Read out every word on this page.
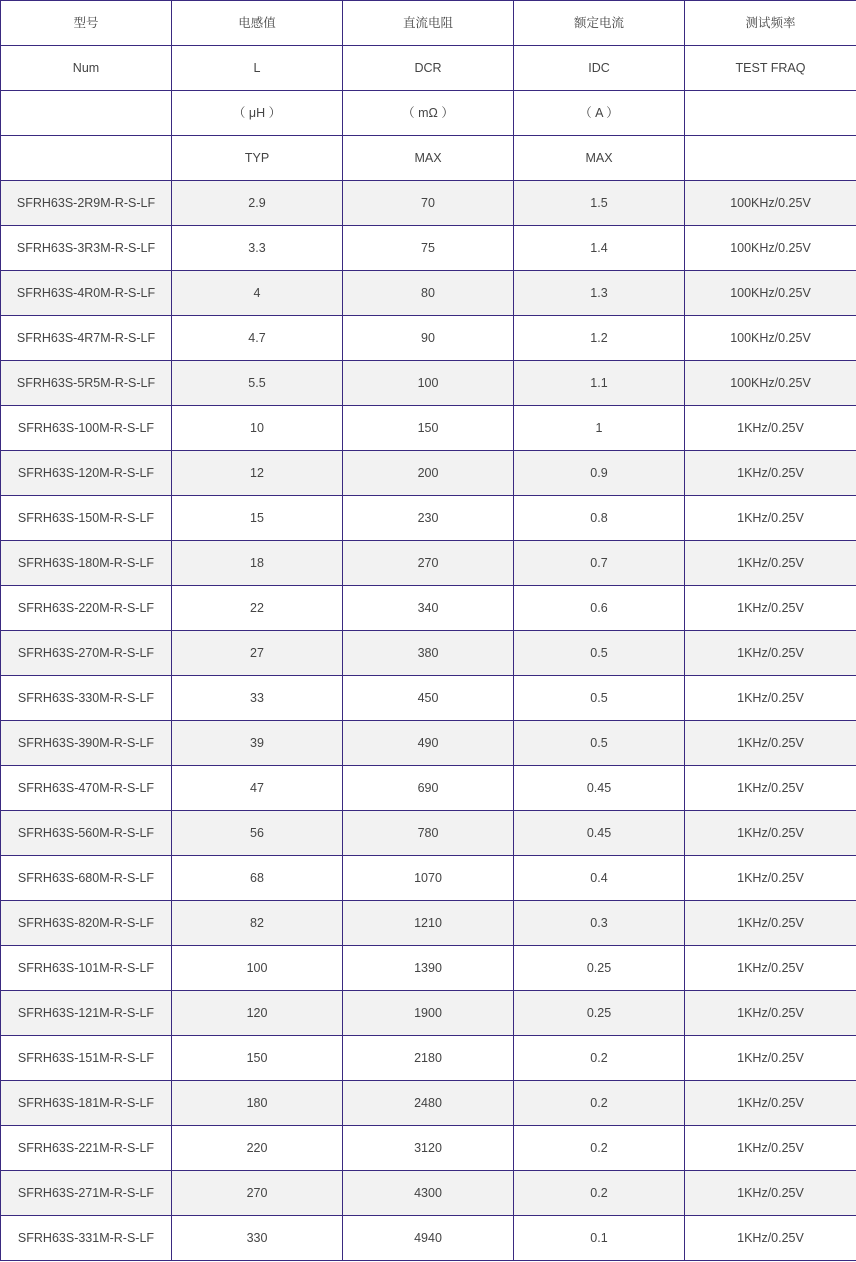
型号	电感值	直流电阻	额定电流	测试频率
Num	L	DCR	IDC	TEST FRAQ
	（ μH ）	（ mΩ ）	（ A ）	
	TYP	MAX	MAX	
SFRH63S-2R9M-R-S-LF	2.9	70	1.5	100KHz/0.25V
SFRH63S-3R3M-R-S-LF	3.3	75	1.4	100KHz/0.25V
SFRH63S-4R0M-R-S-LF	4	80	1.3	100KHz/0.25V
SFRH63S-4R7M-R-S-LF	4.7	90	1.2	100KHz/0.25V
SFRH63S-5R5M-R-S-LF	5.5	100	1.1	100KHz/0.25V
SFRH63S-100M-R-S-LF	10	150	1	1KHz/0.25V
SFRH63S-120M-R-S-LF	12	200	0.9	1KHz/0.25V
SFRH63S-150M-R-S-LF	15	230	0.8	1KHz/0.25V
SFRH63S-180M-R-S-LF	18	270	0.7	1KHz/0.25V
SFRH63S-220M-R-S-LF	22	340	0.6	1KHz/0.25V
SFRH63S-270M-R-S-LF	27	380	0.5	1KHz/0.25V
SFRH63S-330M-R-S-LF	33	450	0.5	1KHz/0.25V
SFRH63S-390M-R-S-LF	39	490	0.5	1KHz/0.25V
SFRH63S-470M-R-S-LF	47	690	0.45	1KHz/0.25V
SFRH63S-560M-R-S-LF	56	780	0.45	1KHz/0.25V
SFRH63S-680M-R-S-LF	68	1070	0.4	1KHz/0.25V
SFRH63S-820M-R-S-LF	82	1210	0.3	1KHz/0.25V
SFRH63S-101M-R-S-LF	100	1390	0.25	1KHz/0.25V
SFRH63S-121M-R-S-LF	120	1900	0.25	1KHz/0.25V
SFRH63S-151M-R-S-LF	150	2180	0.2	1KHz/0.25V
SFRH63S-181M-R-S-LF	180	2480	0.2	1KHz/0.25V
SFRH63S-221M-R-S-LF	220	3120	0.2	1KHz/0.25V
SFRH63S-271M-R-S-LF	270	4300	0.2	1KHz/0.25V
SFRH63S-331M-R-S-LF	330	4940	0.1	1KHz/0.25V
